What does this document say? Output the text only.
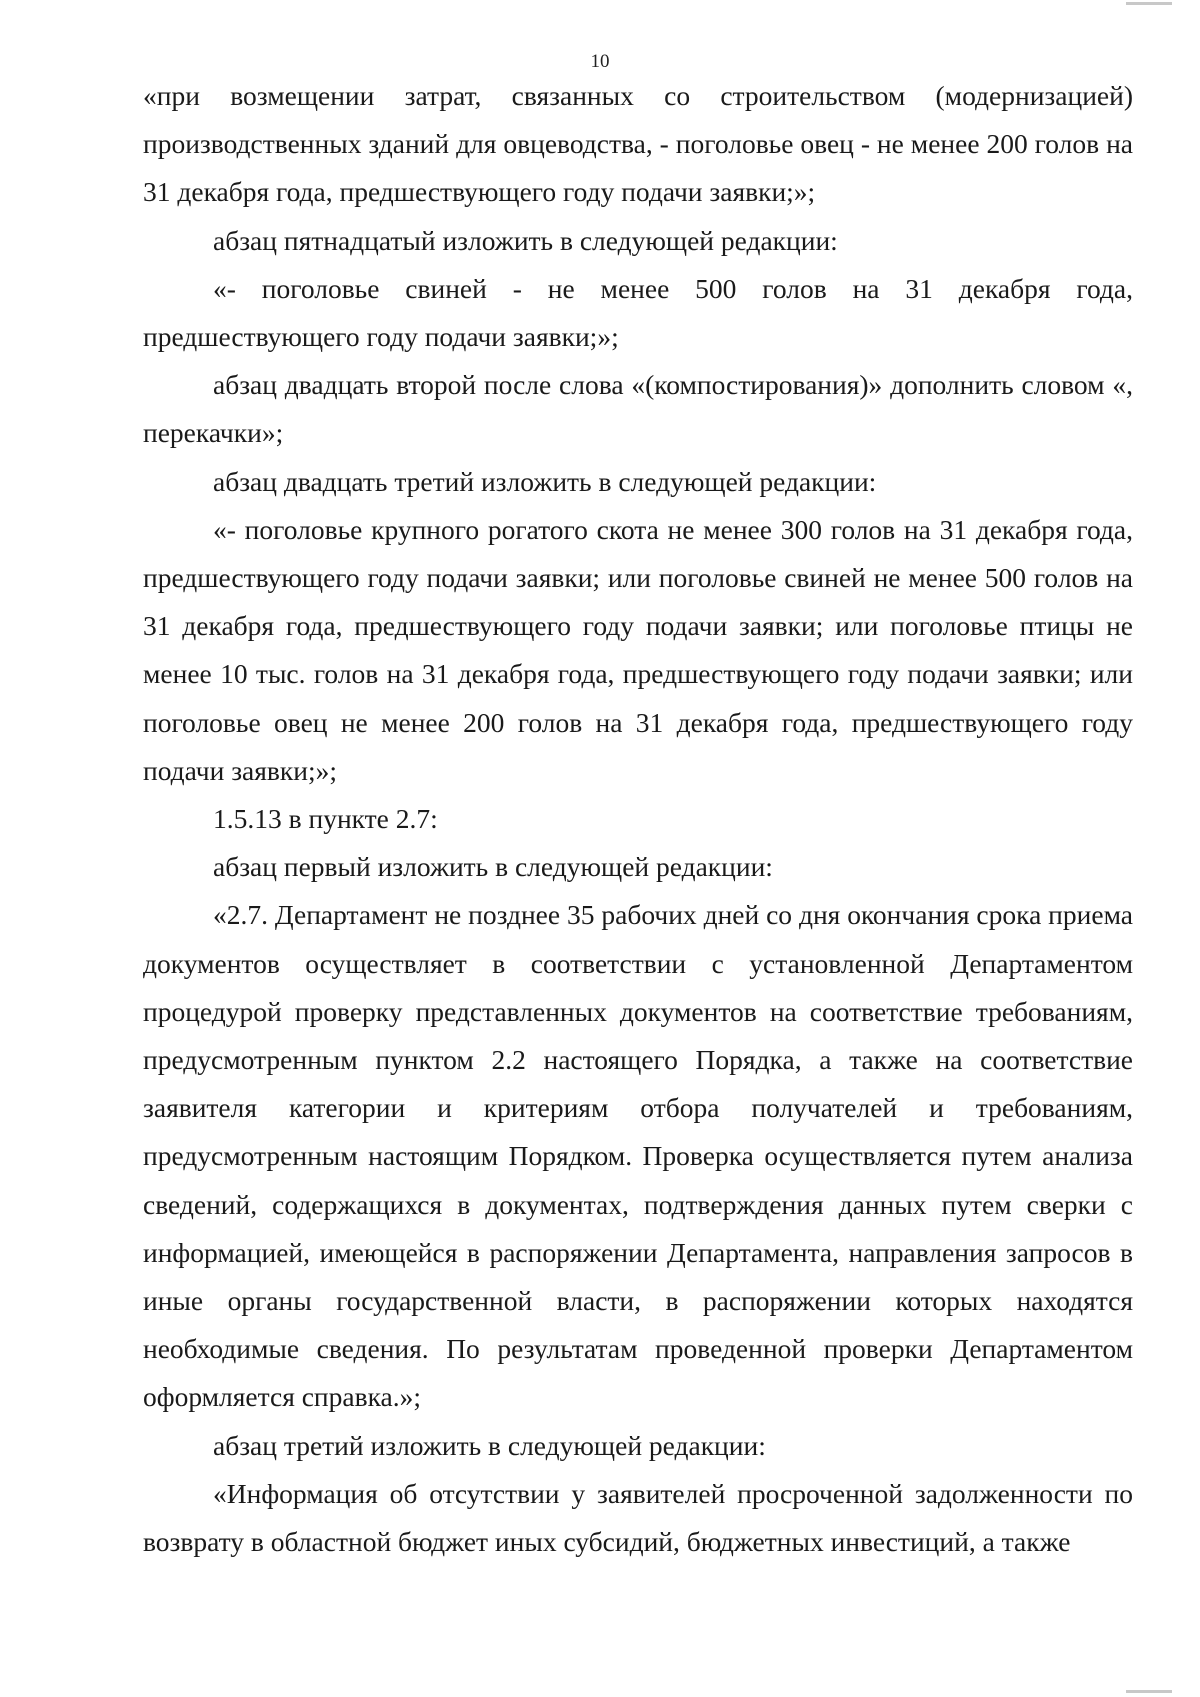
10

«при возмещении затрат, связанных со строительством (модернизацией) производственных зданий для овцеводства, - поголовье овец - не менее 200 голов на 31 декабря года, предшествующего году подачи заявки;»;

абзац пятнадцатый изложить в следующей редакции:

«- поголовье свиней - не менее 500 голов на 31 декабря года, предшествующего году подачи заявки;»;

абзац двадцать второй после слова «(компостирования)» дополнить словом «, перекачки»;

абзац двадцать третий изложить в следующей редакции:

«- поголовье крупного рогатого скота не менее 300 голов на 31 декабря года, предшествующего году подачи заявки; или поголовье свиней не менее 500 голов на 31 декабря года, предшествующего году подачи заявки; или поголовье птицы не менее 10 тыс. голов на 31 декабря года, предшествующего году подачи заявки; или поголовье овец не менее 200 голов на 31 декабря года, предшествующего году подачи заявки;»;

1.5.13 в пункте 2.7:

абзац первый изложить в следующей редакции:

«2.7. Департамент не позднее 35 рабочих дней со дня окончания срока приема документов осуществляет в соответствии с установленной Департаментом процедурой проверку представленных документов на соответствие требованиям, предусмотренным пунктом 2.2 настоящего Порядка, а также на соответствие заявителя категории и критериям отбора получателей и требованиям, предусмотренным настоящим Порядком. Проверка осуществляется путем анализа сведений, содержащихся в документах, подтверждения данных путем сверки с информацией, имеющейся в распоряжении Департамента, направления запросов в иные органы государственной власти, в распоряжении которых находятся необходимые сведения. По результатам проведенной проверки Департаментом оформляется справка.»;

абзац третий изложить в следующей редакции:

«Информация об отсутствии у заявителей просроченной задолженности по возврату в областной бюджет иных субсидий, бюджетных инвестиций, а также
